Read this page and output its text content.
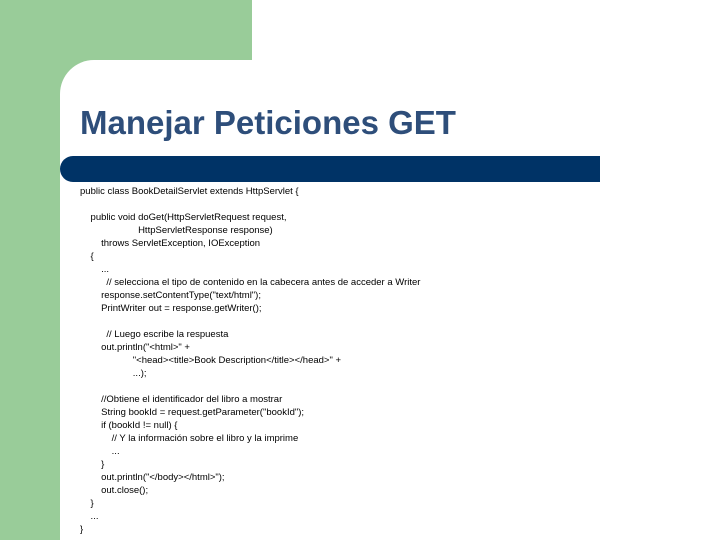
Manejar Peticiones GET
public class BookDetailServlet extends HttpServlet {
public void doGet(HttpServletRequest request,
HttpServletResponse response)
throws ServletException, IOException
{
...
// selecciona el tipo de contenido en la cabecera antes de acceder a Writer
response.setContentType("text/html");
PrintWriter out = response.getWriter();
// Luego escribe la respuesta
out.println("<html>" +
"<head><title>Book Description</title></head>" +
...);
//Obtiene el identificador del libro a mostrar
String bookId = request.getParameter("bookId");
if (bookId != null) {
// Y la información sobre el libro y la imprime
...
}
out.println("</body></html>");
out.close();
}
...
}
